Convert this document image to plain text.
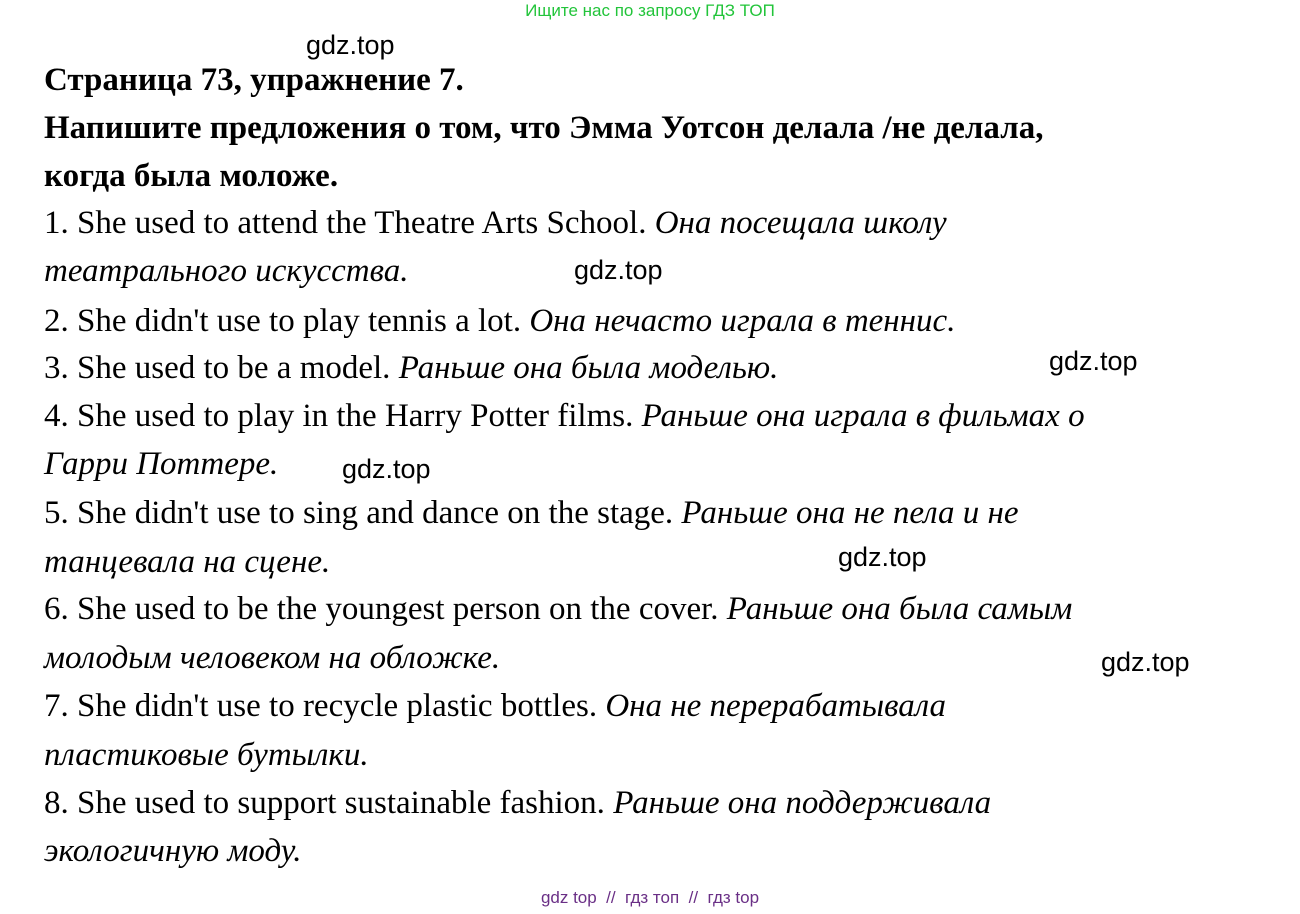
Ищите нас по запросу ГДЗ ТОП
gdz.top
Страница 73, упражнение 7.
Напишите предложения о том, что Эмма Уотсон делала /не делала,
когда была моложе.
1. She used to attend the Theatre Arts School. Она посещала школу
театрального искусства.	gdz.top
2. She didn't use to play tennis a lot. Она нечасто играла в теннис.
3. She used to be a model. Раньше она была моделью.	gdz.top
4. She used to play in the Harry Potter films. Раньше она играла в фильмах о
Гарри Поттере. gdz.top
5. She didn't use to sing and dance on the stage. Раньше она не пела и не
танцевала на сцене.	gdz.top
6. She used to be the youngest person on the cover. Раньше она была самым
молодым человеком на обложке.	gdz.top
7. She didn't use to recycle plastic bottles. Она не перерабатывала
пластиковые бутылки.
8. She used to support sustainable fashion. Раньше она поддерживала
экологичную моду.
gdz top  //  гдз топ  //  гдз top
